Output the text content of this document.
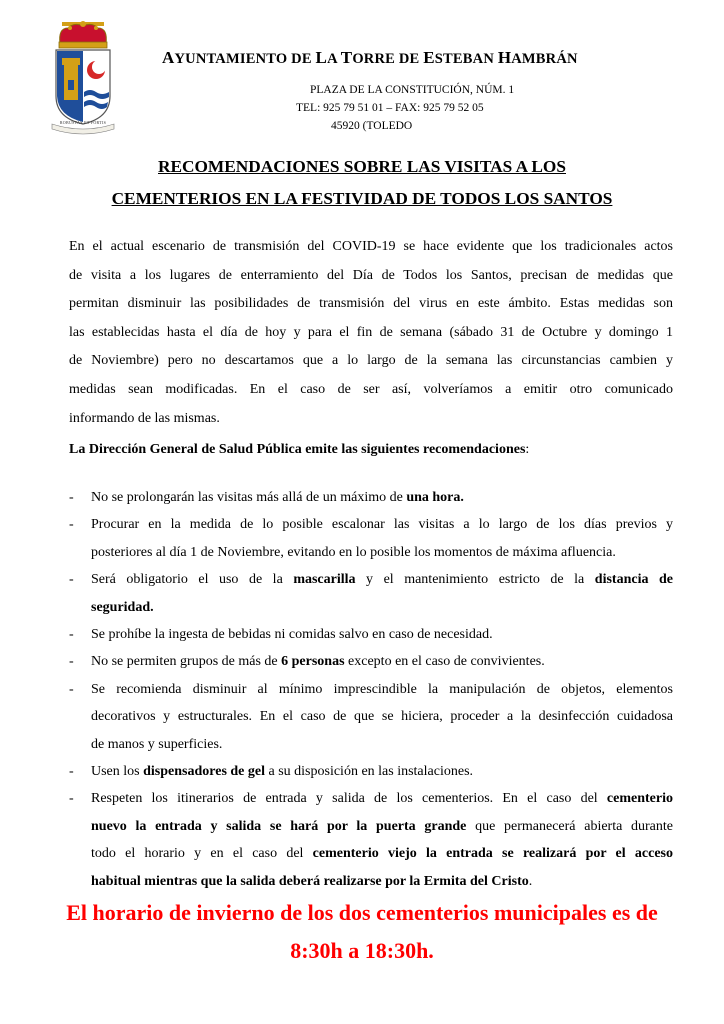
ROBUSTAS ET FORTIS
AYUNTAMIENTO DE LA TORRE DE ESTEBAN HAMBRÁN
PLAZA DE LA CONSTITUCIÓN, NÚM. 1
TEL: 925 79 51 01 – FAX: 925 79 52 05
45920 (TOLEDO
RECOMENDACIONES SOBRE LAS VISITAS A LOS
CEMENTERIOS EN LA FESTIVIDAD DE TODOS LOS SANTOS
En el actual escenario de transmisión del COVID-19 se hace evidente que los tradicionales actos
de visita a los lugares de enterramiento del Día de Todos los Santos, precisan de medidas que
permitan disminuir las posibilidades de transmisión del virus en este ámbito. Estas medidas son
las establecidas hasta el día de hoy y para el fin de semana (sábado 31 de Octubre y domingo 1
de Noviembre) pero no descartamos que a lo largo de la semana las circunstancias cambien y
medidas sean modificadas. En el caso de ser así, volveríamos a emitir otro comunicado
informando de las mismas.
La Dirección General de Salud Pública emite las siguientes recomendaciones:
- No se prolongarán las visitas más allá de un máximo de una hora.
- Procurar en la medida de lo posible escalonar las visitas a lo largo de los días previos y
posteriores al día 1 de Noviembre, evitando en lo posible los momentos de máxima afluencia.
- Será obligatorio el uso de la mascarilla y el mantenimiento estricto de la distancia de
seguridad.
- Se prohíbe la ingesta de bebidas ni comidas salvo en caso de necesidad.
- No se permiten grupos de más de 6 personas excepto en el caso de convivientes.
- Se recomienda disminuir al mínimo imprescindible la manipulación de objetos, elementos
decorativos y estructurales. En el caso de que se hiciera, proceder a la desinfección cuidadosa
de manos y superficies.
- Usen los dispensadores de gel a su disposición en las instalaciones.
- Respeten los itinerarios de entrada y salida de los cementerios. En el caso del cementerio
nuevo la entrada y salida se hará por la puerta grande que permanecerá abierta durante
todo el horario y en el caso del cementerio viejo la entrada se realizará por el acceso
habitual mientras que la salida deberá realizarse por la Ermita del Cristo.
El horario de invierno de los dos cementerios municipales es de
8:30h a 18:30h.
